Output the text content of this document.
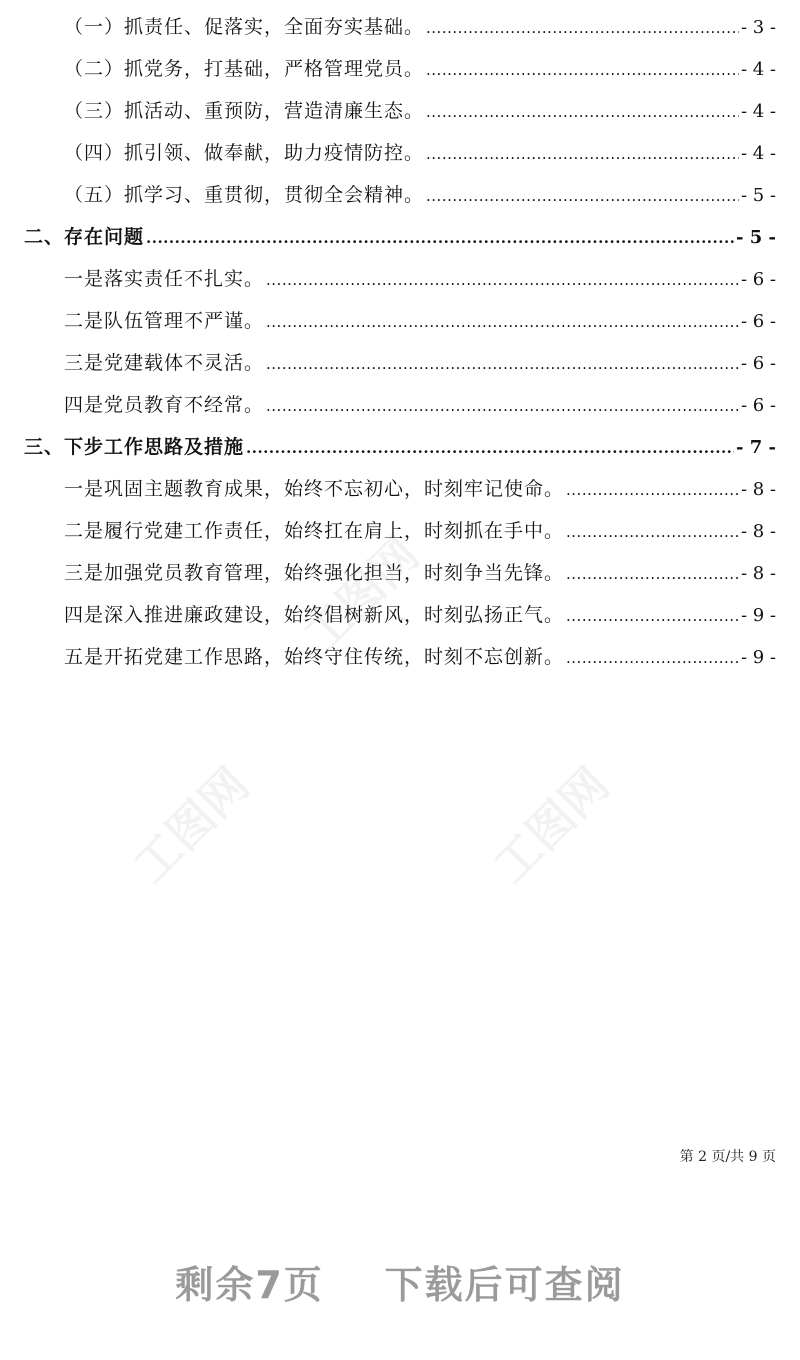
（一）抓责任、促落实，全面夯实基础。 .....	- 3 -
（二）抓党务，打基础，严格管理党员。 .....	- 4 -
（三）抓活动、重预防，营造清廉生态。 .....	- 4 -
（四）抓引领、做奉献，助力疫情防控。 .....	- 4 -
（五）抓学习、重贯彻，贯彻全会精神。 .....	- 5 -
二、存在问题 .....	- 5 -
一是落实责任不扎实。 .....	- 6 -
二是队伍管理不严谨。 .....	- 6 -
三是党建载体不灵活。 .....	- 6 -
四是党员教育不经常。 .....	- 6 -
三、下步工作思路及措施 .....	- 7 -
一是巩固主题教育成果，始终不忘初心，时刻牢记使命。 .....	- 8 -
二是履行党建工作责任，始终扛在肩上，时刻抓在手中。 .....	- 8 -
三是加强党员教育管理，始终强化担当，时刻争当先锋。 .....	- 8 -
四是深入推进廉政建设，始终倡树新风，时刻弘扬正气。 .....	- 9 -
五是开拓党建工作思路，始终守住传统，时刻不忘创新。 .....	- 9 -
工图网
工图网	工图网
第 2 页/共 9 页
剩余7页    下载后可查阅
